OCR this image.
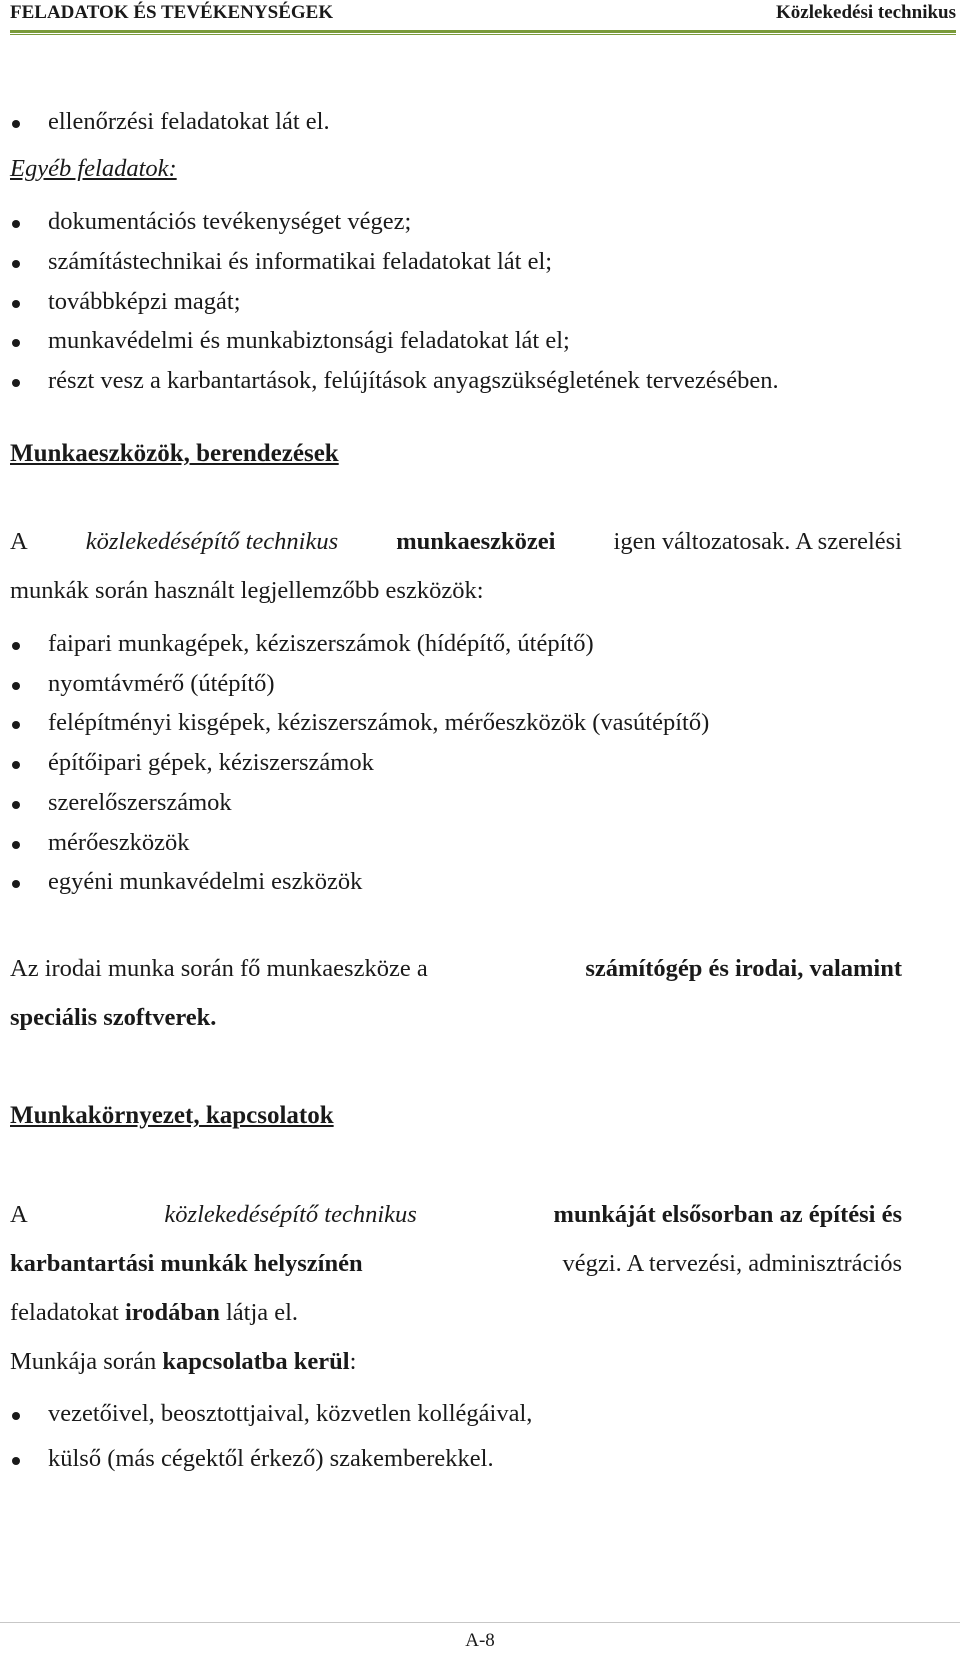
FELADATOK ÉS TEVÉKENYSÉGEK	Közlekedési technikus
ellenőrzési feladatokat lát el.
Egyéb feladatok:
dokumentációs tevékenységet végez;
számítástechnikai és informatikai feladatokat lát el;
továbbképzi magát;
munkavédelmi és munkabiztonsági feladatokat lát el;
részt vesz a karbantartások, felújítások anyagszükségletének tervezésében.
Munkaeszközök, berendezések
A közlekedésépítő technikus munkaeszközei igen változatosak. A szerelési
munkák során használt legjellemzőbb eszközök:
faipari munkagépek, kéziszerszámok (hídépítő, útépítő)
nyomtávmérő (útépítő)
felépítményi kisgépek, kéziszerszámok, mérőeszközök (vasútépítő)
építőipari gépek, kéziszerszámok
szerelőszerszámok
mérőeszközök
egyéni munkavédelmi eszközök
Az irodai munka során fő munkaeszköze a	számítógép és irodai, valamint
speciális szoftverek.
Munkakörnyezet, kapcsolatok
A	közlekedésépítő technikus	munkáját elsősorban az építési és
karbantartási munkák helyszínén	végzi. A tervezési, adminisztrációs
feladatokat irodában látja el.
Munkája során kapcsolatba kerül:
vezetőivel, beosztottjaival, közvetlen kollégáival,
külső (más cégektől érkező) szakemberekkel.
A-8
